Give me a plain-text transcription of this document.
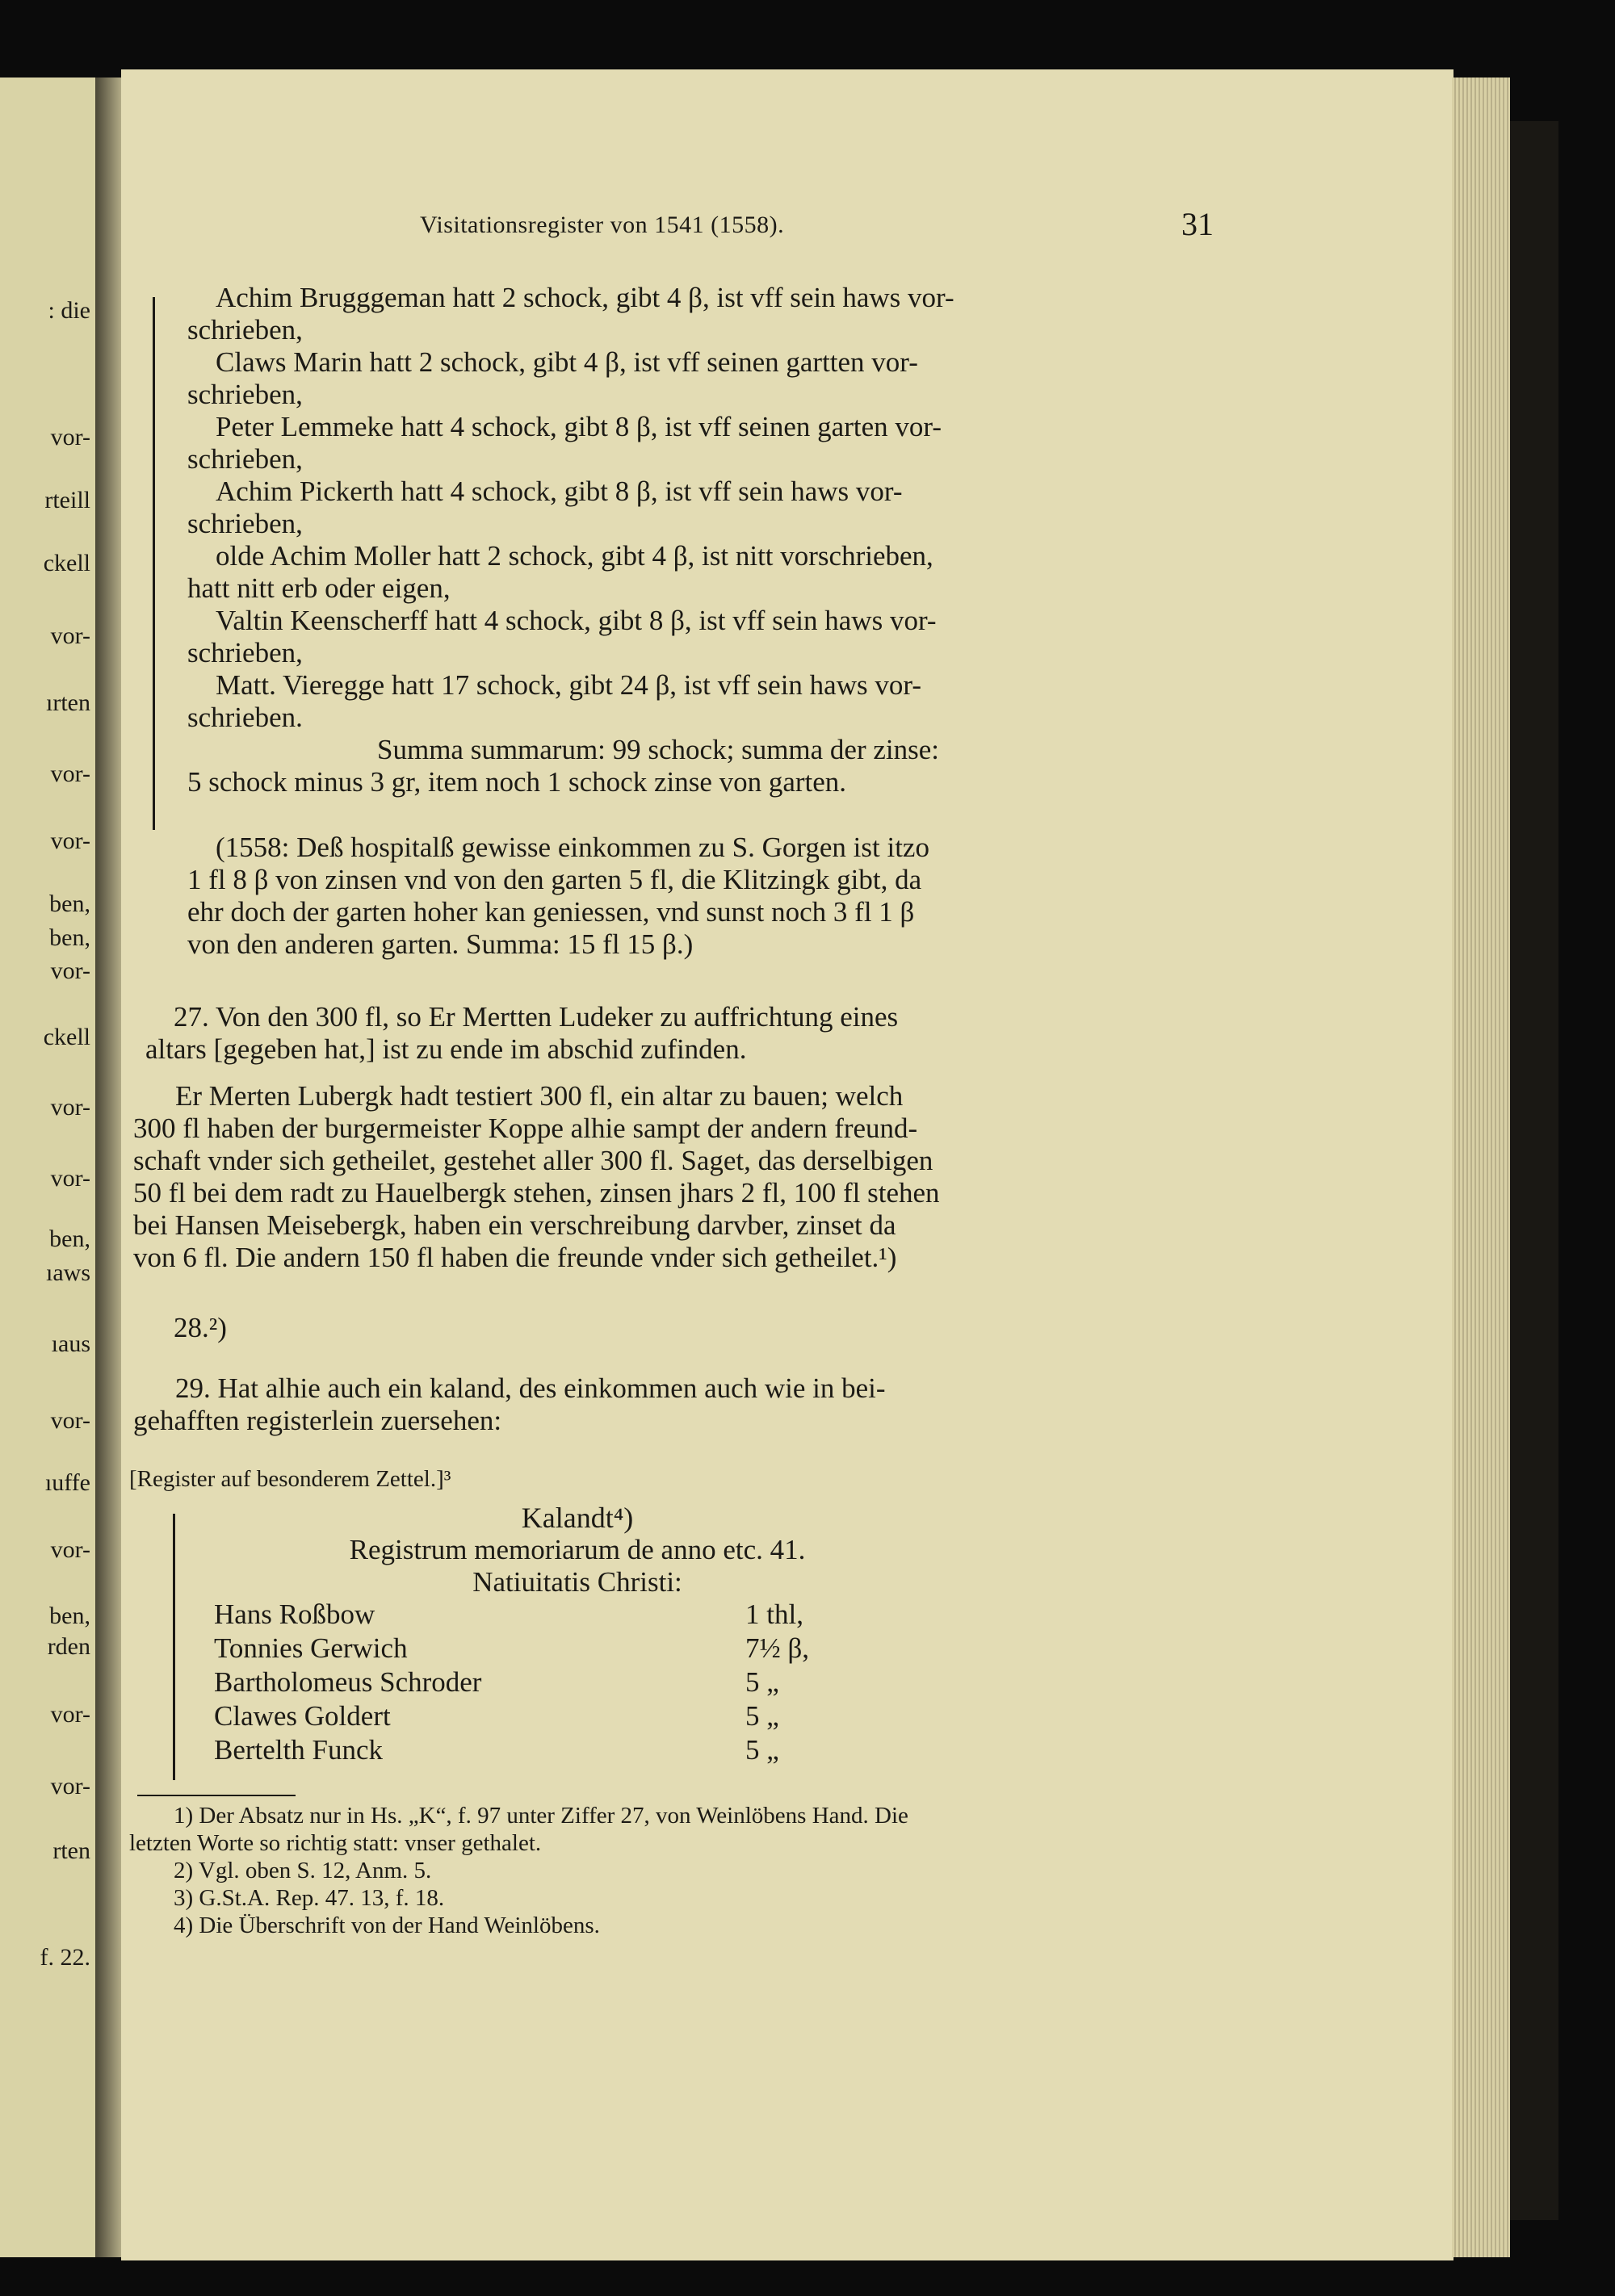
: die
vor-
rteill
ckell
vor-
ırten
vor-
vor-
ben,
ben,
vor-
ckell
vor-
vor-
ben,
ıaws
ıaus
vor-
ıuffe
vor-
ben,
rden
vor-
vor-
rten
f. 22.
Visitationsregister von 1541 (1558).	31

Achim Brugggeman hatt 2 schock, gibt 4 β, ist vff sein haws vor-
schrieben,

Claws Marin hatt 2 schock, gibt 4 β, ist vff seinen gartten vor-
schrieben,

Peter Lemmeke hatt 4 schock, gibt 8 β, ist vff seinen garten vor-
schrieben,

Achim Pickerth hatt 4 schock, gibt 8 β, ist vff sein haws vor-
schrieben,

olde Achim Moller hatt 2 schock, gibt 4 β, ist nitt vorschrieben,
hatt nitt erb oder eigen,

Valtin Keenscherff hatt 4 schock, gibt 8 β, ist vff sein haws vor-
schrieben,

Matt. Vieregge hatt 17 schock, gibt 24 β, ist vff sein haws vor-
schrieben.

Summa summarum: 99 schock; summa der zinse:

5 schock minus 3 gr, item noch 1 schock zinse von garten.

(1558: Deß hospitalß gewisse einkommen zu S. Gorgen ist itzo

1 fl 8 β von zinsen vnd von den garten 5 fl, die Klitzingk gibt, da

ehr doch der garten hoher kan geniessen, vnd sunst noch 3 fl 1 β

von den anderen garten. Summa: 15 fl 15 β.)

27. Von den 300 fl, so Er Mertten Ludeker zu auffrichtung eines

altars [gegeben hat,] ist zu ende im abschid zufinden.

Er Merten Lubergk hadt testiert 300 fl, ein altar zu bauen; welch

300 fl haben der burgermeister Koppe alhie sampt der andern freund-

schaft vnder sich getheilet, gestehet aller 300 fl. Saget, das derselbigen

50 fl bei dem radt zu Hauelbergk stehen, zinsen jhars 2 fl, 100 fl stehen

bei Hansen Meisebergk, haben ein verschreibung darvber, zinset da

von 6 fl. Die andern 150 fl haben die freunde vnder sich getheilet.¹)

28.²)

29. Hat alhie auch ein kaland, des einkommen auch wie in bei-

gehafften registerlein zuersehen:

[Register auf besonderem Zettel.]³

Kalandt⁴)

Registrum memoriarum de anno etc. 41.

Natiuitatis Christi:

Hans Roßbow	1 thl,
Tonnies Gerwich	7½ β,
Bartholomeus Schroder	5 „
Clawes Goldert	5 „
Bertelth Funck	5 „

1) Der Absatz nur in Hs. „K“, f. 97 unter Ziffer 27, von Weinlöbens Hand. Die

letzten Worte so richtig statt: vnser gethalet.

2) Vgl. oben S. 12, Anm. 5.

3) G.St.A. Rep. 47. 13, f. 18.

4) Die Überschrift von der Hand Weinlöbens.
